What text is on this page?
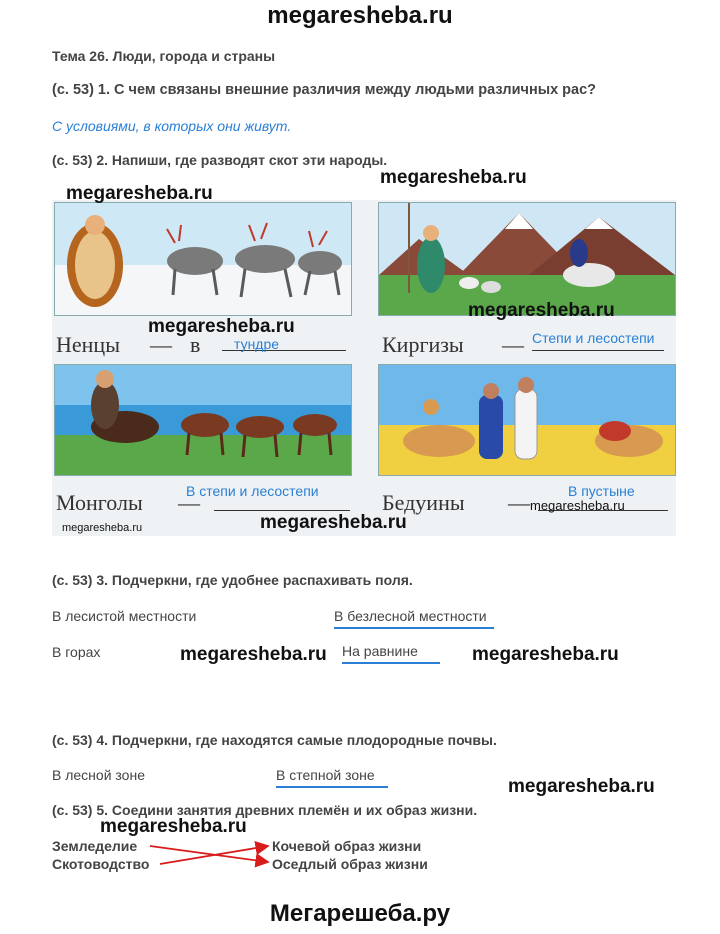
megaresheba.ru
Тема 26. Люди, города и страны
(с. 53) 1. С чем связаны внешние различия между людьми различных рас?
С условиями, в которых они живут.
(с. 53) 2. Напиши, где разводят скот эти народы.
Ненцы — в тундре	Киргизы — Степи и лесостепи
Монголы —
В степи и лесостепи	Бедуины —	В пустыне
megaresheba.ru
megaresheba.ru
megaresheba.ru
megaresheba.ru
megaresheba.ru
megaresheba.ru	megaresheba.ru
(с. 53) 3. Подчеркни, где удобнее распахивать поля.
В лесистой местности	В безлесной местности
В горах	megaresheba.ru На равнине	megaresheba.ru
(с. 53) 4. Подчеркни, где находятся самые плодородные почвы.
В лесной зоне	В степной зоне
megaresheba.ru
(с. 53) 5. Соедини занятия древних племён и их образ жизни.
megaresheba.ru
Земледелие
Скотоводство
Кочевой образ жизни
Оседлый образ жизни
Мегарешеба.ру
